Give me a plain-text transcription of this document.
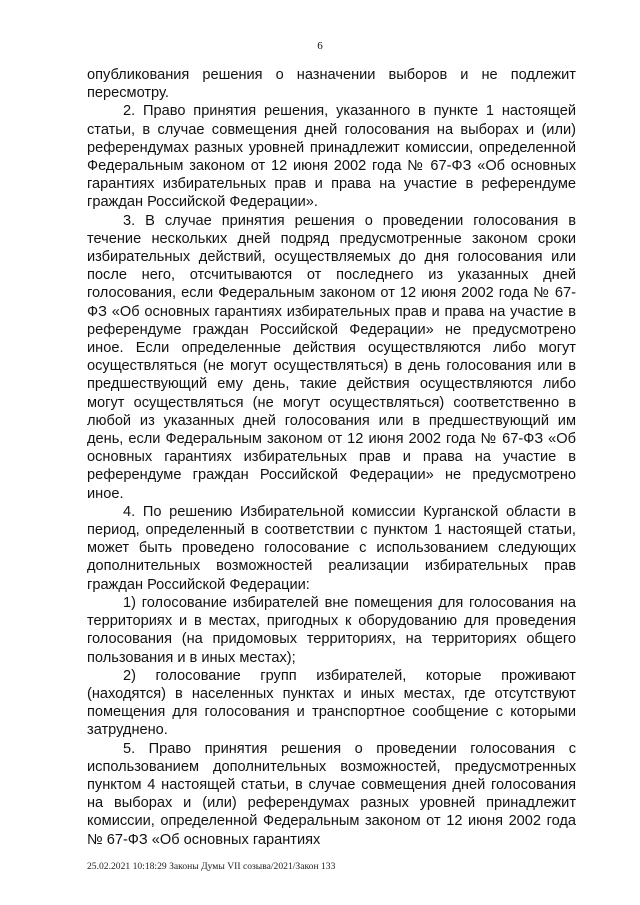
6

опубликования решения о назначении выборов и не подлежит пересмотру.

2. Право принятия решения, указанного в пункте 1 настоящей статьи, в случае совмещения дней голосования на выборах и (или) референдумах разных уровней принадлежит комиссии, определенной Федеральным законом от 12 июня 2002 года № 67-ФЗ «Об основных гарантиях избирательных прав и права на участие в референдуме граждан Российской Федерации».

3. В случае принятия решения о проведении голосования в течение нескольких дней подряд предусмотренные законом сроки избирательных действий, осуществляемых до дня голосования или после него, отсчитываются от последнего из указанных дней голосования, если Федеральным законом от 12 июня 2002 года № 67-ФЗ «Об основных гарантиях избирательных прав и права на участие в референдуме граждан Российской Федерации» не предусмотрено иное. Если определенные действия осуществляются либо могут осуществляться (не могут осуществляться) в день голосования или в предшествующий ему день, такие действия осуществляются либо могут осуществляться (не могут осуществляться) соответственно в любой из указанных дней голосования или в предшествующий им день, если Федеральным законом от 12 июня 2002 года № 67-ФЗ «Об основных гарантиях избирательных прав и права на участие в референдуме граждан Российской Федерации» не предусмотрено иное.

4. По решению Избирательной комиссии Курганской области в период, определенный в соответствии с пунктом 1 настоящей статьи, может быть проведено голосование с использованием следующих дополнительных возможностей реализации избирательных прав граждан Российской Федерации:

1) голосование избирателей вне помещения для голосования на территориях и в местах, пригодных к оборудованию для проведения голосования (на придомовых территориях, на территориях общего пользования и в иных местах);

2) голосование групп избирателей, которые проживают (находятся) в населенных пунктах и иных местах, где отсутствуют помещения для голосования и транспортное сообщение с которыми затруднено.

5. Право принятия решения о проведении голосования с использованием дополнительных возможностей, предусмотренных пунктом 4 настоящей статьи, в случае совмещения дней голосования на выборах и (или) референдумах разных уровней принадлежит комиссии, определенной Федеральным законом от 12 июня 2002 года № 67-ФЗ «Об основных гарантиях

25.02.2021 10:18:29 Законы Думы VII созыва/2021/Закон 133
